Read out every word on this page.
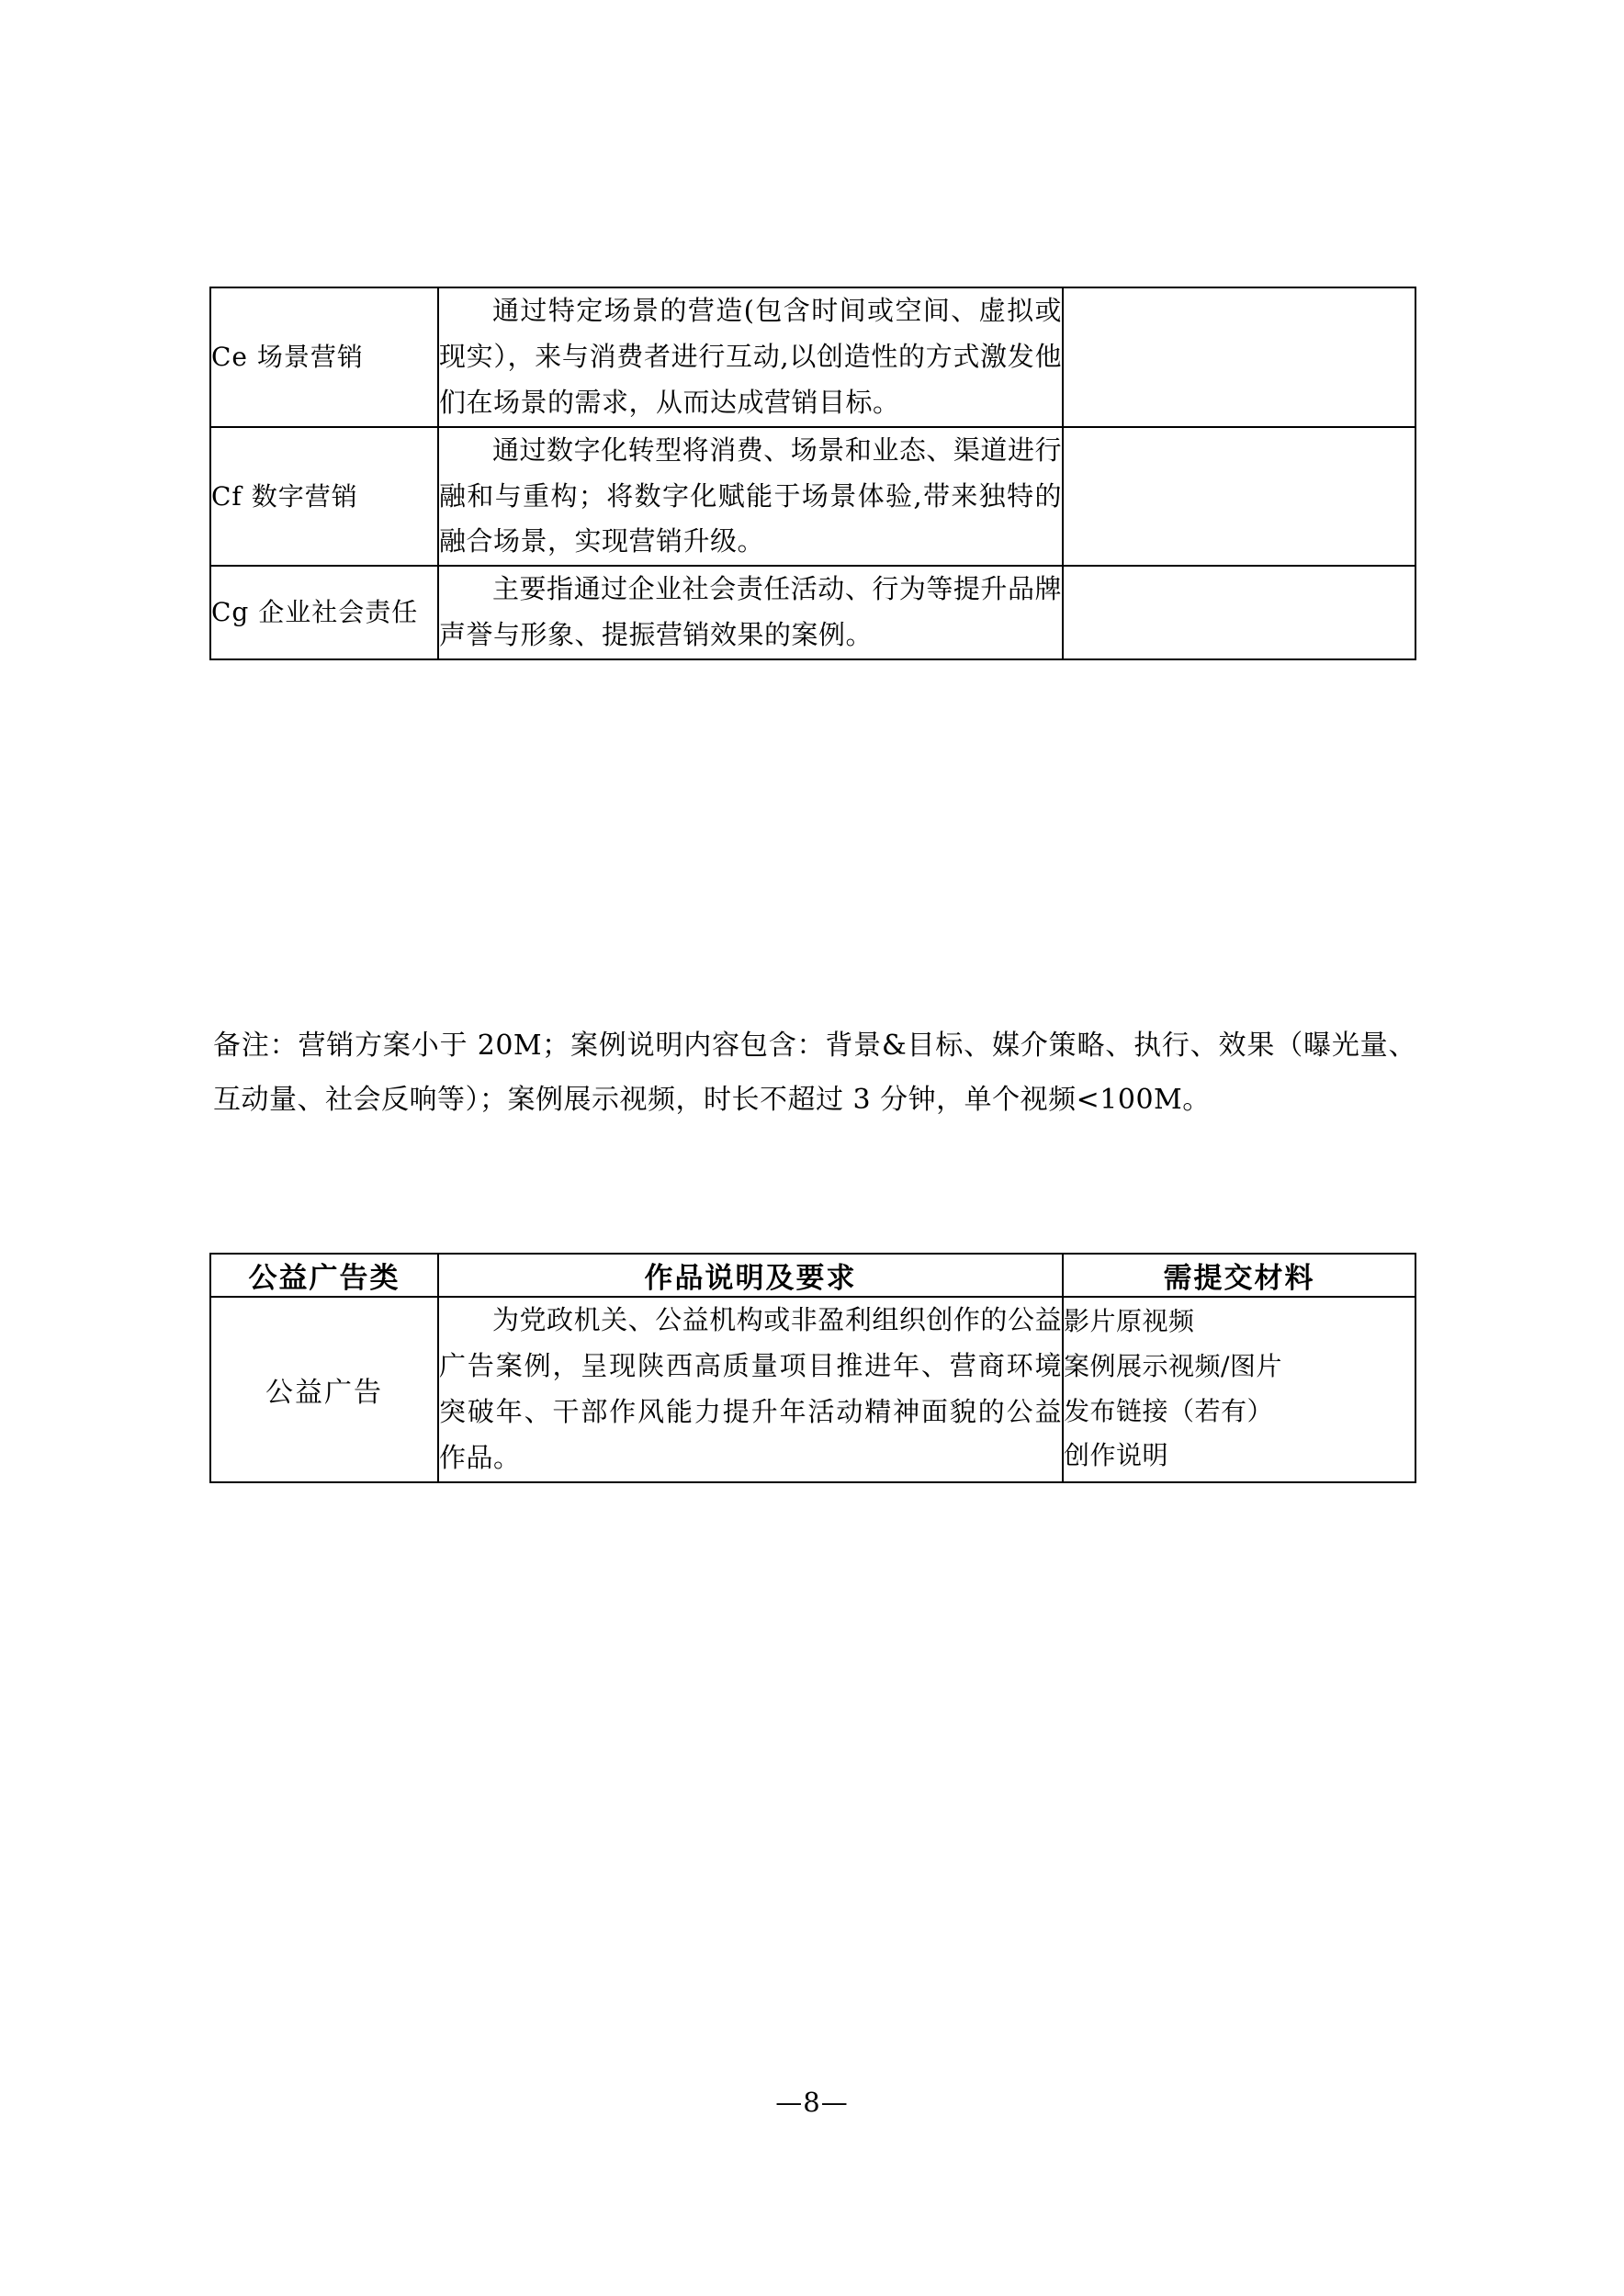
Ce 场景营销	通过特定场景的营造(包含时间或空间、虚拟或现实），来与消费者进行互动,以创造性的方式激发他们在场景的需求，从而达成营销目标。	

Cf 数字营销	通过数字化转型将消费、场景和业态、渠道进行融和与重构；将数字化赋能于场景体验,带来独特的融合场景，实现营销升级。	

Cg 企业社会责任	主要指通过企业社会责任活动、行为等提升品牌声誉与形象、提振营销效果的案例。	

备注：营销方案小于 20M；案例说明内容包含：背景&目标、媒介策略、执行、效果（曝光量、互动量、社会反响等）；案例展示视频，时长不超过 3 分钟，单个视频<100M。
公益广告类	作品说明及要求	需提交材料
公益广告	为党政机关、公益机构或非盈利组织创作的公益广告案例，呈现陕西高质量项目推进年、营商环境突破年、干部作风能力提升年活动精神面貌的公益作品。	影片原视频
案例展示视频/图片
发布链接（若有）
创作说明
—8—
